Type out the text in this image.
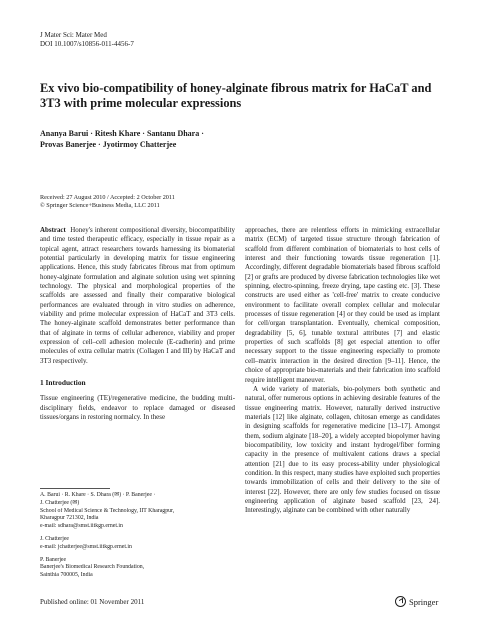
J Mater Sci: Mater Med
DOI 10.1007/s10856-011-4456-7
Ex vivo bio-compatibility of honey-alginate fibrous matrix for HaCaT and 3T3 with prime molecular expressions
Ananya Barui · Ritesh Khare · Santanu Dhara ·
Provas Banerjee · Jyotirmoy Chatterjee
Received: 27 August 2010 / Accepted: 2 October 2011
© Springer Science+Business Media, LLC 2011

Abstract Honey's inherent compositional diversity, biocompatibility and time tested therapeutic efficacy, especially in tissue repair as a topical agent, attract researchers towards harnessing its biomaterial potential particularly in developing matrix for tissue engineering applications. Hence, this study fabricates fibrous mat from optimum honey-alginate formulation and alginate solution using wet spinning technology. The physical and morphological properties of the scaffolds are assessed and finally their comparative biological performances are evaluated through in vitro studies on adherence, viability and prime molecular expression of HaCaT and 3T3 cells. The honey-alginate scaffold demonstrates better performance than that of alginate in terms of cellular adherence, viability and proper expression of cell–cell adhesion molecule (E-cadherin) and prime molecules of extra cellular matrix (Collagen I and III) by HaCaT and 3T3 respectively.

1 Introduction

Tissue engineering (TE)/regenerative medicine, the budding multi-disciplinary fields, endeavor to replace damaged or diseased tissues/organs in restoring normalcy. In these

A. Barui · R. Khare · S. Dhara (✉) · P. Banerjee ·
J. Chatterjee (✉)
School of Medical Science & Technology, IIT Kharagpur,
Kharagpur 721302, India
e-mail: sdhara@smst.iitkgp.ernet.in
J. Chatterjee
e-mail: jchatterjee@smst.iitkgp.ernet.in
P. Banerjee
Banerjee's Biomedical Research Foundation,
Sainthia 700005, India

approaches, there are relentless efforts in mimicking extracellular matrix (ECM) of targeted tissue structure through fabrication of scaffold from different combination of biomaterials to host cells of interest and their functioning towards tissue regeneration [1]. Accordingly, different degradable biomaterials based fibrous scaffold [2] or grafts are produced by diverse fabrication technologies like wet spinning, electro-spinning, freeze drying, tape casting etc. [3]. These constructs are used either as 'cell-free' matrix to create conducive environment to facilitate overall complex cellular and molecular processes of tissue regeneration [4] or they could be used as implant for cell/organ transplantation. Eventually, chemical composition, degradability [5, 6], tunable textural attributes [7] and elastic properties of such scaffolds [8] get especial attention to offer necessary support to the tissue engineering especially to promote cell–matrix interaction in the desired direction [9–11]. Hence, the choice of appropriate bio-materials and their fabrication into scaffold require intelligent maneuver.

A wide variety of materials, bio-polymers both synthetic and natural, offer numerous options in achieving desirable features of the tissue engineering matrix. However, naturally derived instructive materials [12] like alginate, collagen, chitosan emerge as candidates in designing scaffolds for regenerative medicine [13–17]. Amongst them, sodium alginate [18–20], a widely accepted biopolymer having biocompatibility, low toxicity and instant hydrogel/fiber forming capacity in the presence of multivalent cations draws a special attention [21] due to its easy process-ability under physiological condition. In this respect, many studies have exploited such properties towards immobilization of cells and their delivery to the site of interest [22]. However, there are only few studies focused on tissue engineering application of alginate based scaffold [23, 24]. Interestingly, alginate can be combined with other naturally

Published online: 01 November 2011	Springer
